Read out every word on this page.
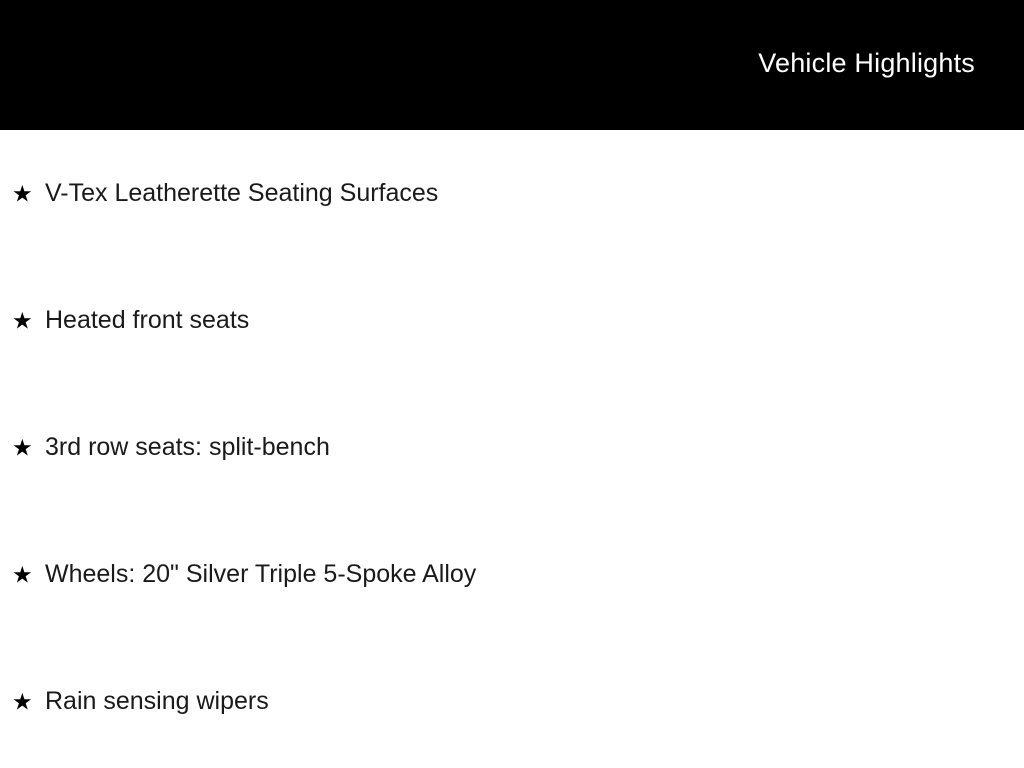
Vehicle Highlights
★ V-Tex Leatherette Seating Surfaces
★ Heated front seats
★ 3rd row seats: split-bench
★ Wheels: 20" Silver Triple 5-Spoke Alloy
★ Rain sensing wipers
